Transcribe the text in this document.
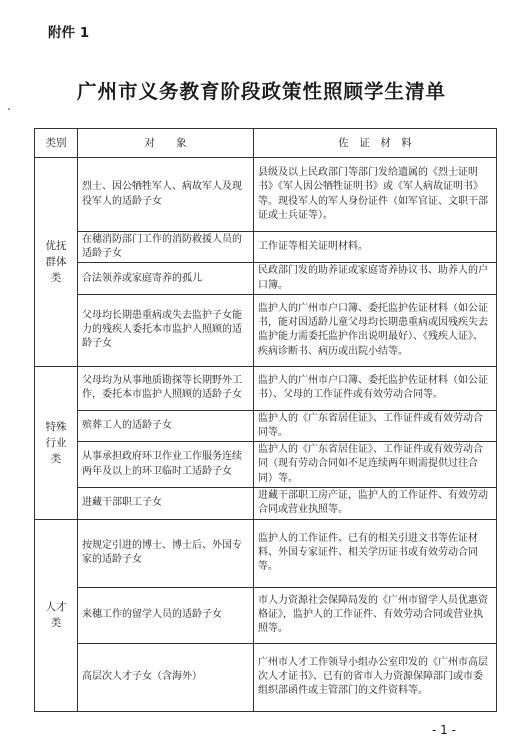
附件 1
广州市义务教育阶段政策性照顾学生清单
类别	对　　象	佐　证　材　料

优抚群体类	烈士、因公牺牲军人、病故军人及现役军人的适龄子女	县级及以上民政部门等部门发给遗属的《烈士证明书》《军人因公牺牲证明书》或《军人病故证明书》等。现役军人的军人身份证件（如军官证、文职干部证或士兵证等）。
	在穗消防部门工作的消防救援人员的适龄子女	工作证等相关证明材料。
	合法领养或家庭寄养的孤儿	民政部门发的助养证或家庭寄养协议书、助养人的户口簿。
	父母均长期患重病或失去监护子女能力的残疾人委托本市监护人照顾的适龄子女	监护人的广州市户口簿、委托监护佐证材料（如公证书，能对因适龄儿童父母均长期患重病或因残疾失去监护能力需委托监护作出说明最好）、《残疾人证》、疾病诊断书、病历或出院小结等。

特殊行业类	父母均为从事地质勘探等长期野外工作，委托本市监护人照顾的适龄子女	监护人的广州市户口簿、委托监护佐证材料（如公证书）、父母的工作证件或有效劳动合同等。
	殡葬工人的适龄子女	监护人的《广东省居住证》、工作证件或有效劳动合同等。
	从事承担政府环卫作业工作服务连续两年及以上的环卫临时工适龄子女	监护人的《广东省居住证》、工作证件或有效劳动合同（现有劳动合同如不足连续两年则需提供过往合同）等。
	进藏干部职工子女	进藏干部职工房产证，监护人的工作证件、有效劳动合同或营业执照等。

人才类	按规定引进的博士、博士后、外国专家的适龄子女	监护人的工作证件、已有的相关引进文书等佐证材料、外国专家证件、相关学历证书或有效劳动合同等。
	来穗工作的留学人员的适龄子女	市人力资源社会保障局发的《广州市留学人员优惠资格证》，监护人的工作证件、有效劳动合同或营业执照等。
	高层次人才子女（含海外）	广州市人才工作领导小组办公室印发的《广州市高层次人才证书》、已有的省市人力资源保障部门或市委组织部函件或主管部门的文件资料等。
- 1 -
